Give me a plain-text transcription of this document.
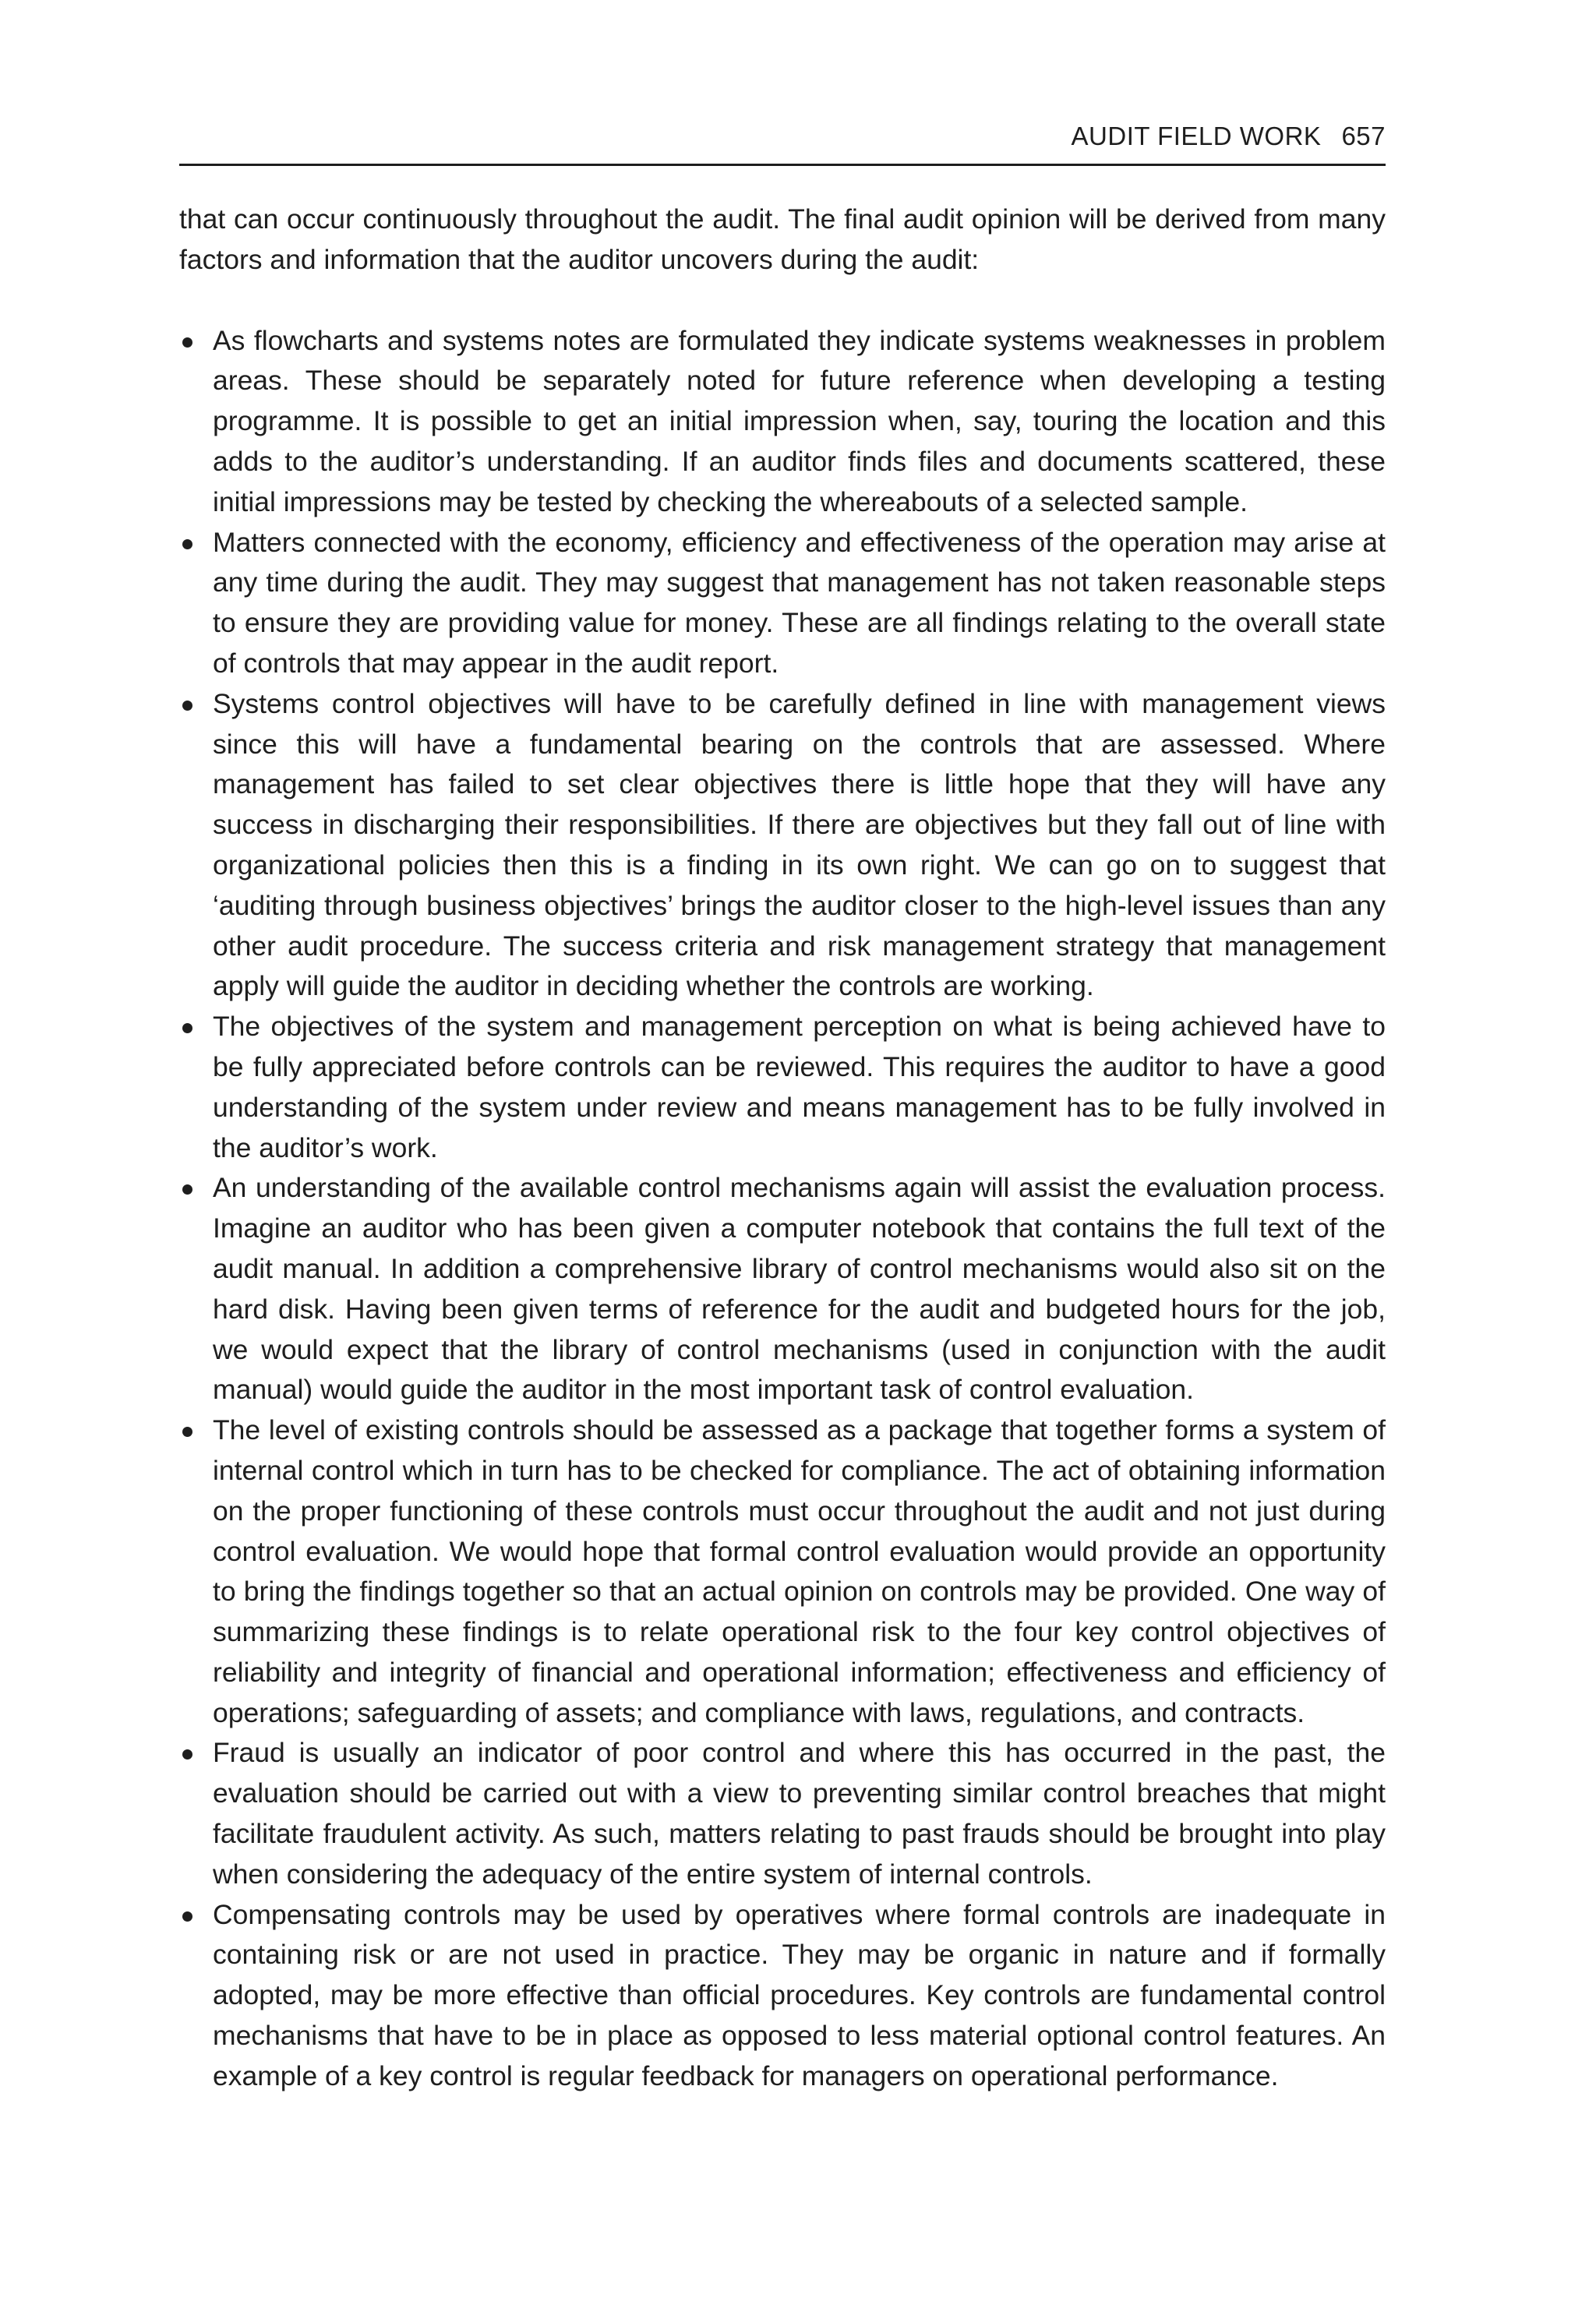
AUDIT FIELD WORK 657

that can occur continuously throughout the audit. The final audit opinion will be derived from many factors and information that the auditor uncovers during the audit:

As flowcharts and systems notes are formulated they indicate systems weaknesses in problem areas. These should be separately noted for future reference when developing a testing programme. It is possible to get an initial impression when, say, touring the location and this adds to the auditor’s understanding. If an auditor finds files and documents scattered, these initial impressions may be tested by checking the whereabouts of a selected sample.
Matters connected with the economy, efficiency and effectiveness of the operation may arise at any time during the audit. They may suggest that management has not taken reasonable steps to ensure they are providing value for money. These are all findings relating to the overall state of controls that may appear in the audit report.
Systems control objectives will have to be carefully defined in line with management views since this will have a fundamental bearing on the controls that are assessed. Where management has failed to set clear objectives there is little hope that they will have any success in discharging their responsibilities. If there are objectives but they fall out of line with organizational policies then this is a finding in its own right. We can go on to suggest that ‘auditing through business objectives’ brings the auditor closer to the high-level issues than any other audit procedure. The success criteria and risk management strategy that management apply will guide the auditor in deciding whether the controls are working.
The objectives of the system and management perception on what is being achieved have to be fully appreciated before controls can be reviewed. This requires the auditor to have a good understanding of the system under review and means management has to be fully involved in the auditor’s work.
An understanding of the available control mechanisms again will assist the evaluation process. Imagine an auditor who has been given a computer notebook that contains the full text of the audit manual. In addition a comprehensive library of control mechanisms would also sit on the hard disk. Having been given terms of reference for the audit and budgeted hours for the job, we would expect that the library of control mechanisms (used in conjunction with the audit manual) would guide the auditor in the most important task of control evaluation.
The level of existing controls should be assessed as a package that together forms a system of internal control which in turn has to be checked for compliance. The act of obtaining information on the proper functioning of these controls must occur throughout the audit and not just during control evaluation. We would hope that formal control evaluation would provide an opportunity to bring the findings together so that an actual opinion on controls may be provided. One way of summarizing these findings is to relate operational risk to the four key control objectives of reliability and integrity of financial and operational information; effectiveness and efficiency of operations; safeguarding of assets; and compliance with laws, regulations, and contracts.
Fraud is usually an indicator of poor control and where this has occurred in the past, the evaluation should be carried out with a view to preventing similar control breaches that might facilitate fraudulent activity. As such, matters relating to past frauds should be brought into play when considering the adequacy of the entire system of internal controls.
Compensating controls may be used by operatives where formal controls are inadequate in containing risk or are not used in practice. They may be organic in nature and if formally adopted, may be more effective than official procedures. Key controls are fundamental control mechanisms that have to be in place as opposed to less material optional control features. An example of a key control is regular feedback for managers on operational performance.
